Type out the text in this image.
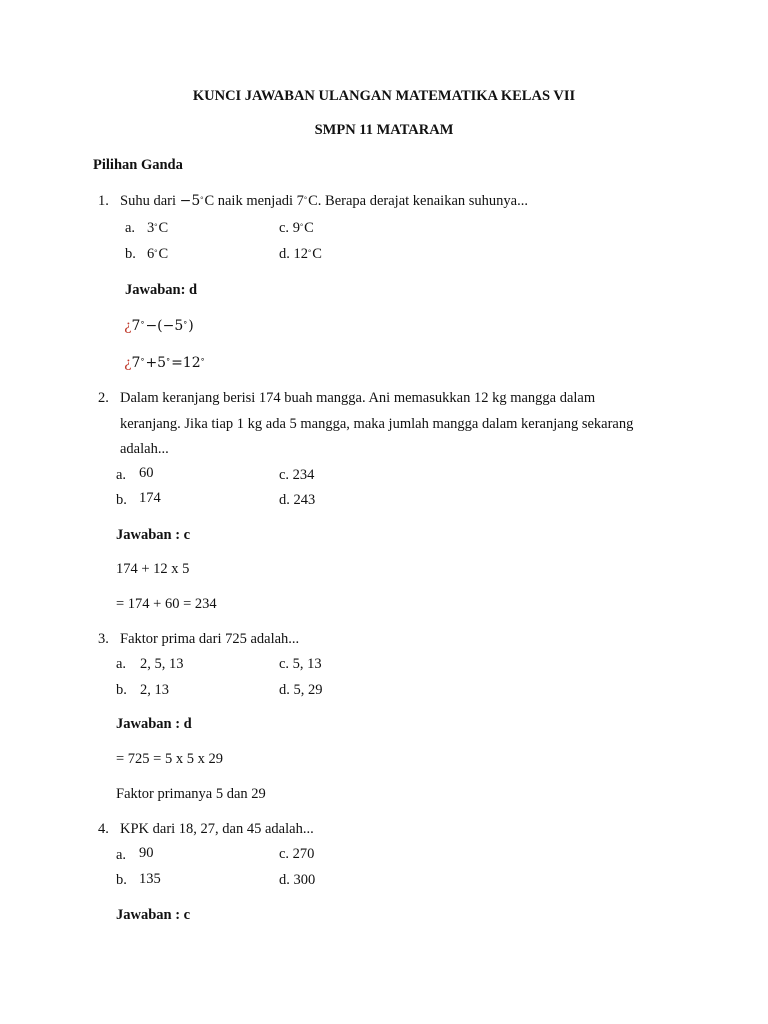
KUNCI JAWABAN ULANGAN MATEMATIKA KELAS VII
SMPN 11 MATARAM
Pilihan Ganda
1. Suhu dari −5°C naik menjadi 7°C. Berapa derajat kenaikan suhunya...
a. 3°C	c. 9°C
b. 6°C	d. 12°C
Jawaban: d
¿7°−(−5°)
¿7°+5°=12°
2. Dalam keranjang berisi 174 buah mangga. Ani memasukkan 12 kg mangga dalam
keranjang. Jika tiap 1 kg ada 5 mangga, maka jumlah mangga dalam keranjang sekarang
adalah...
a. 60	c. 234
b. 174	d. 243
Jawaban : c
174 + 12 x 5
= 174 + 60 = 234
3. Faktor prima dari 725 adalah...
a. 2, 5, 13	c. 5, 13
b. 2, 13	d. 5, 29
Jawaban : d
= 725 = 5 x 5 x 29
Faktor primanya 5 dan 29
4. KPK dari 18, 27, dan 45 adalah...
a. 90	c. 270
b. 135	d. 300
Jawaban : c
